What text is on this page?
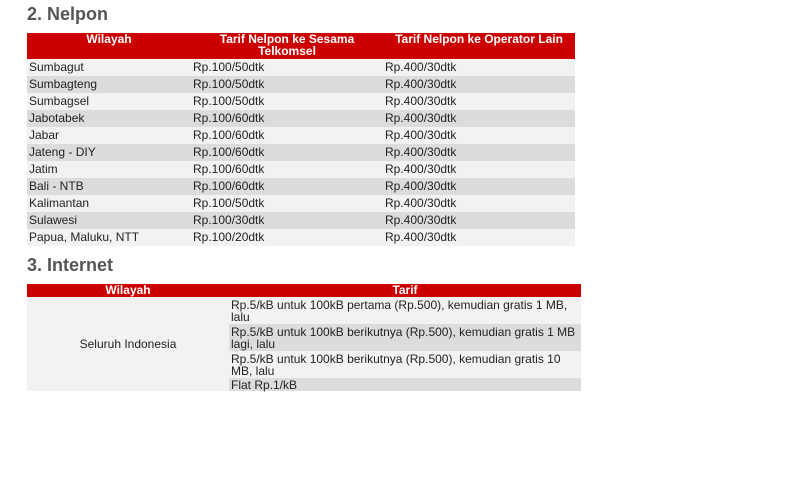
2. Nelpon
Wilayah	Tarif Nelpon ke Sesama Telkomsel	Tarif Nelpon ke Operator Lain
Sumbagut	Rp.100/50dtk	Rp.400/30dtk
Sumbagteng	Rp.100/50dtk	Rp.400/30dtk
Sumbagsel	Rp.100/50dtk	Rp.400/30dtk
Jabotabek	Rp.100/60dtk	Rp.400/30dtk
Jabar	Rp.100/60dtk	Rp.400/30dtk
Jateng - DIY	Rp.100/60dtk	Rp.400/30dtk
Jatim	Rp.100/60dtk	Rp.400/30dtk
Bali - NTB	Rp.100/60dtk	Rp.400/30dtk
Kalimantan	Rp.100/50dtk	Rp.400/30dtk
Sulawesi	Rp.100/30dtk	Rp.400/30dtk
Papua, Maluku, NTT	Rp.100/20dtk	Rp.400/30dtk
3. Internet
Wilayah	Tarif
Seluruh Indonesia	Rp.5/kB untuk 100kB pertama (Rp.500), kemudian gratis 1 MB, lalu
	Rp.5/kB untuk 100kB berikutnya (Rp.500), kemudian gratis 1 MB lagi, lalu
	Rp.5/kB untuk 100kB berikutnya (Rp.500), kemudian gratis 10 MB, lalu
	Flat Rp.1/kB
